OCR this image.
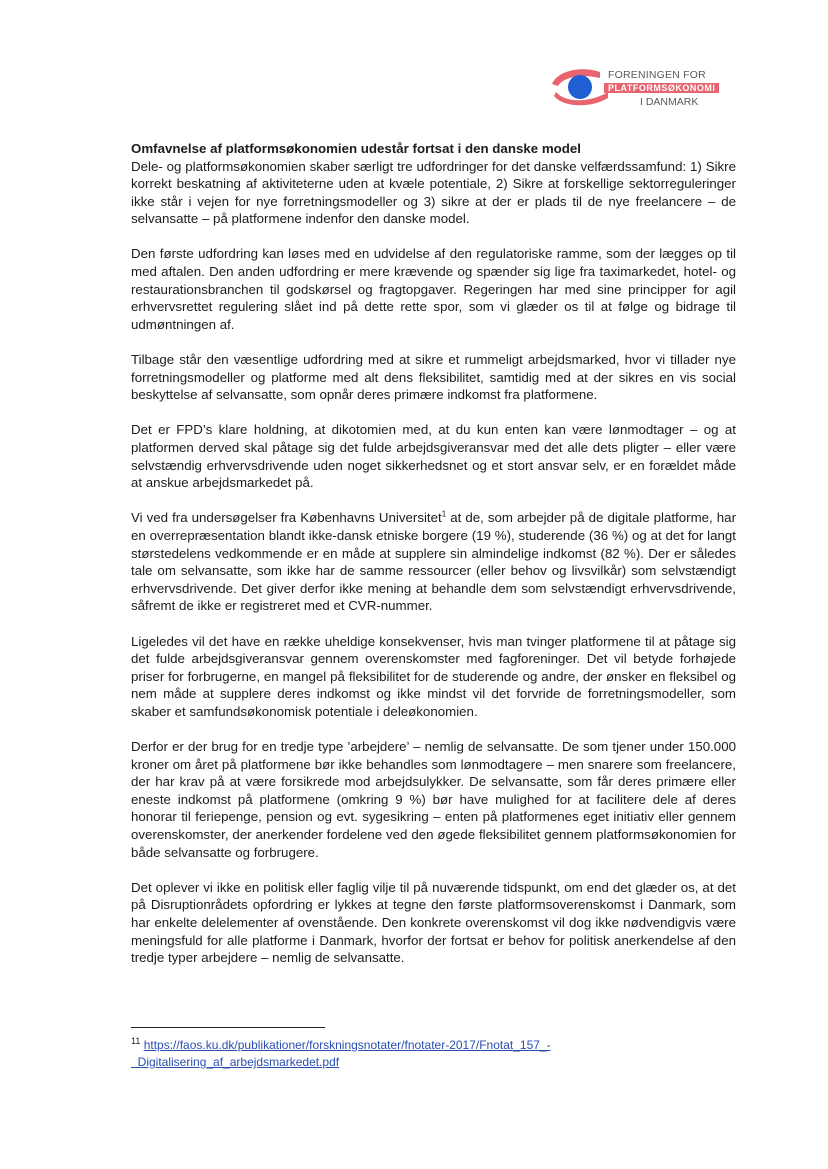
FORENINGEN FOR
PLATFORMSØKONOMI
I DANMARK

Omfavnelse af platformsøkonomien udestår fortsat i den danske model

Dele- og platformsøkonomien skaber særligt tre udfordringer for det danske velfærdssamfund: 1) Sikre korrekt beskatning af aktiviteterne uden at kvæle potentiale, 2) Sikre at forskellige sektorreguleringer ikke står i vejen for nye forretningsmodeller og 3) sikre at der er plads til de nye freelancere – de selvansatte – på platformene indenfor den danske model.

Den første udfordring kan løses med en udvidelse af den regulatoriske ramme, som der lægges op til med aftalen. Den anden udfordring er mere krævende og spænder sig lige fra taximarkedet, hotel- og restaurationsbranchen til godskørsel og fragtopgaver. Regeringen har med sine principper for agil erhvervsrettet regulering slået ind på dette rette spor, som vi glæder os til at følge og bidrage til udmøntningen af.

Tilbage står den væsentlige udfordring med at sikre et rummeligt arbejdsmarked, hvor vi tillader nye forretningsmodeller og platforme med alt dens fleksibilitet, samtidig med at der sikres en vis social beskyttelse af selvansatte, som opnår deres primære indkomst fra platformene.

Det er FPD’s klare holdning, at dikotomien med, at du kun enten kan være lønmodtager – og at platformen derved skal påtage sig det fulde arbejdsgiveransvar med det alle dets pligter – eller være selvstændig erhvervsdrivende uden noget sikkerhedsnet og et stort ansvar selv, er en forældet måde at anskue arbejdsmarkedet på.

Vi ved fra undersøgelser fra Københavns Universitet$^1$ at de, som arbejder på de digitale platforme, har en overrepræsentation blandt ikke-dansk etniske borgere (19 %), studerende (36 %) og at det for langt størstedelens vedkommende er en måde at supplere sin almindelige indkomst (82 %). Der er således tale om selvansatte, som ikke har de samme ressourcer (eller behov og livsvilkår) som selvstændigt erhvervsdrivende. Det giver derfor ikke mening at behandle dem som selvstændigt erhvervsdrivende, såfremt de ikke er registreret med et CVR-nummer.

Ligeledes vil det have en række uheldige konsekvenser, hvis man tvinger platformene til at påtage sig det fulde arbejdsgiveransvar gennem overenskomster med fagforeninger. Det vil betyde forhøjede priser for forbrugerne, en mangel på fleksibilitet for de studerende og andre, der ønsker en fleksibel og nem måde at supplere deres indkomst og ikke mindst vil det forvride de forretningsmodeller, som skaber et samfundsøkonomisk potentiale i deleøkonomien.

Derfor er der brug for en tredje type ’arbejdere’ – nemlig de selvansatte. De som tjener under 150.000 kroner om året på platformene bør ikke behandles som lønmodtagere – men snarere som freelancere, der har krav på at være forsikrede mod arbejdsulykker. De selvansatte, som får deres primære eller eneste indkomst på platformene (omkring 9 %) bør have mulighed for at facilitere dele af deres honorar til feriepenge, pension og evt. sygesikring – enten på platformenes eget initiativ eller gennem overenskomster, der anerkender fordelene ved den øgede fleksibilitet gennem platformsøkonomien for både selvansatte og forbrugere.

Det oplever vi ikke en politisk eller faglig vilje til på nuværende tidspunkt, om end det glæder os, at det på Disruptionrådets opfordring er lykkes at tegne den første platformsoverenskomst i Danmark, som har enkelte delelementer af ovenstående. Den konkrete overenskomst vil dog ikke nødvendigvis være meningsfuld for alle platforme i Danmark, hvorfor der fortsat er behov for politisk anerkendelse af den tredje typer arbejdere – nemlig de selvansatte.

$^{11}$ https://faos.ku.dk/publikationer/forskningsnotater/fnotater-2017/Fnotat_157_-
Digitalisering_af_arbejdsmarkedet.pdf
